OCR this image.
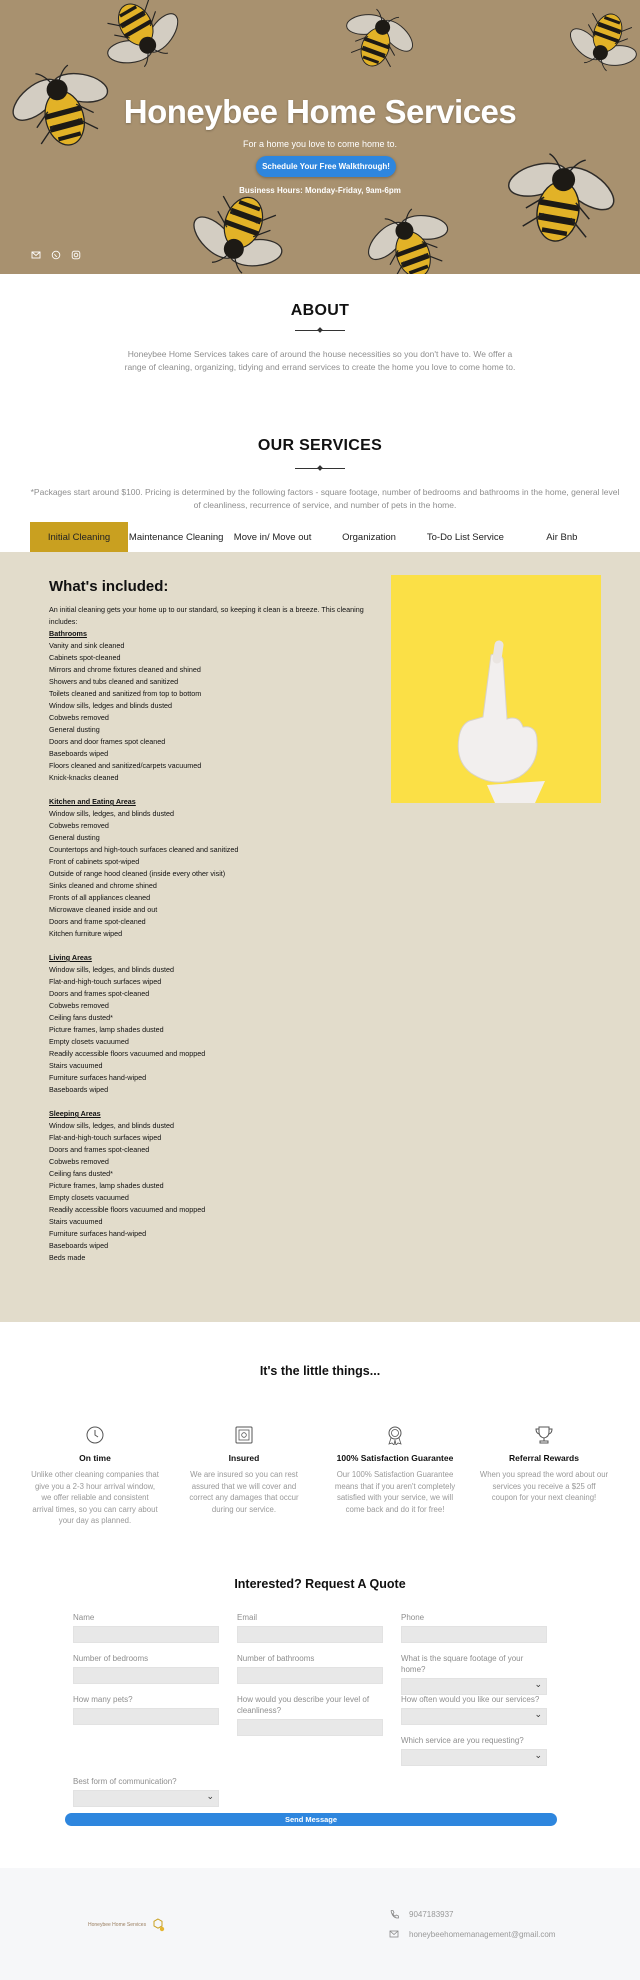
Honeybee Home Services
For a home you love to come home to.
Schedule Your Free Walkthrough!
Business Hours: Monday-Friday, 9am-6pm
ABOUT
Honeybee Home Services takes care of around the house necessities so you don't have to. We offer a range of cleaning, organizing, tidying and errand services to create the home you love to come home to.
OUR SERVICES
*Packages start around $100. Pricing is determined by the following factors - square footage, number of bedrooms and bathrooms in the home, general level of cleanliness, recurrence of service, and number of pets in the home.
Initial Cleaning	Maintenance Cleaning	Move in/ Move out	Organization	To-Do List Service	Air Bnb
What's included:
An initial cleaning gets your home up to our standard, so keeping it clean is a breeze. This cleaning includes:
Bathrooms
Vanity and sink cleaned
Cabinets spot-cleaned
Mirrors and chrome fixtures cleaned and shined
Showers and tubs cleaned and sanitized
Toilets cleaned and sanitized from top to bottom
Window sills, ledges and blinds dusted
Cobwebs removed
General dusting
Doors and door frames spot cleaned
Baseboards wiped
Floors cleaned and sanitized/carpets vacuumed
Knick-knacks cleaned
Kitchen and Eating Areas
Window sills, ledges, and blinds dusted
Cobwebs removed
General dusting
Countertops and high-touch surfaces cleaned and sanitized
Front of cabinets spot-wiped
Outside of range hood cleaned (inside every other visit)
Sinks cleaned and chrome shined
Fronts of all appliances cleaned
Microwave cleaned inside and out
Doors and frame spot-cleaned
Kitchen furniture wiped
Living Areas
Window sills, ledges, and blinds dusted
Flat-and-high-touch surfaces wiped
Doors and frames spot-cleaned
Cobwebs removed
Ceiling fans dusted*
Picture frames, lamp shades dusted
Empty closets vacuumed
Readily accessible floors vacuumed and mopped
Stairs vacuumed
Furniture surfaces hand-wiped
Baseboards wiped
Sleeping Areas
Window sills, ledges, and blinds dusted
Flat-and-high-touch surfaces wiped
Doors and frames spot-cleaned
Cobwebs removed
Ceiling fans dusted*
Picture frames, lamp shades dusted
Empty closets vacuumed
Readily accessible floors vacuumed and mopped
Stairs vacuumed
Furniture surfaces hand-wiped
Baseboards wiped
Beds made
It's the little things...
On time
Unlike other cleaning companies that give you a 2-3 hour arrival window, we offer reliable and consistent arrival times, so you can carry about your day as planned.
Insured
We are insured so you can rest assured that we will cover and correct any damages that occur during our service.
100% Satisfaction Guarantee
Our 100% Satisfaction Guarantee means that if you aren't completely satisfied with your service, we will come back and do it for free!
Referral Rewards
When you spread the word about our services you receive a $25 off coupon for your next cleaning!
Interested? Request A Quote
Name	Email	Phone
Number of bedrooms	Number of bathrooms	What is the square footage of your home?
⌄
How many pets?	How would you describe your level of cleanliness?
How often would you like our services?
⌄
Which service are you requesting?
⌄
Best form of communication?
⌄
Send Message
Honeybee Home Services
9047183937
honeybeehomemanagement@gmail.com
